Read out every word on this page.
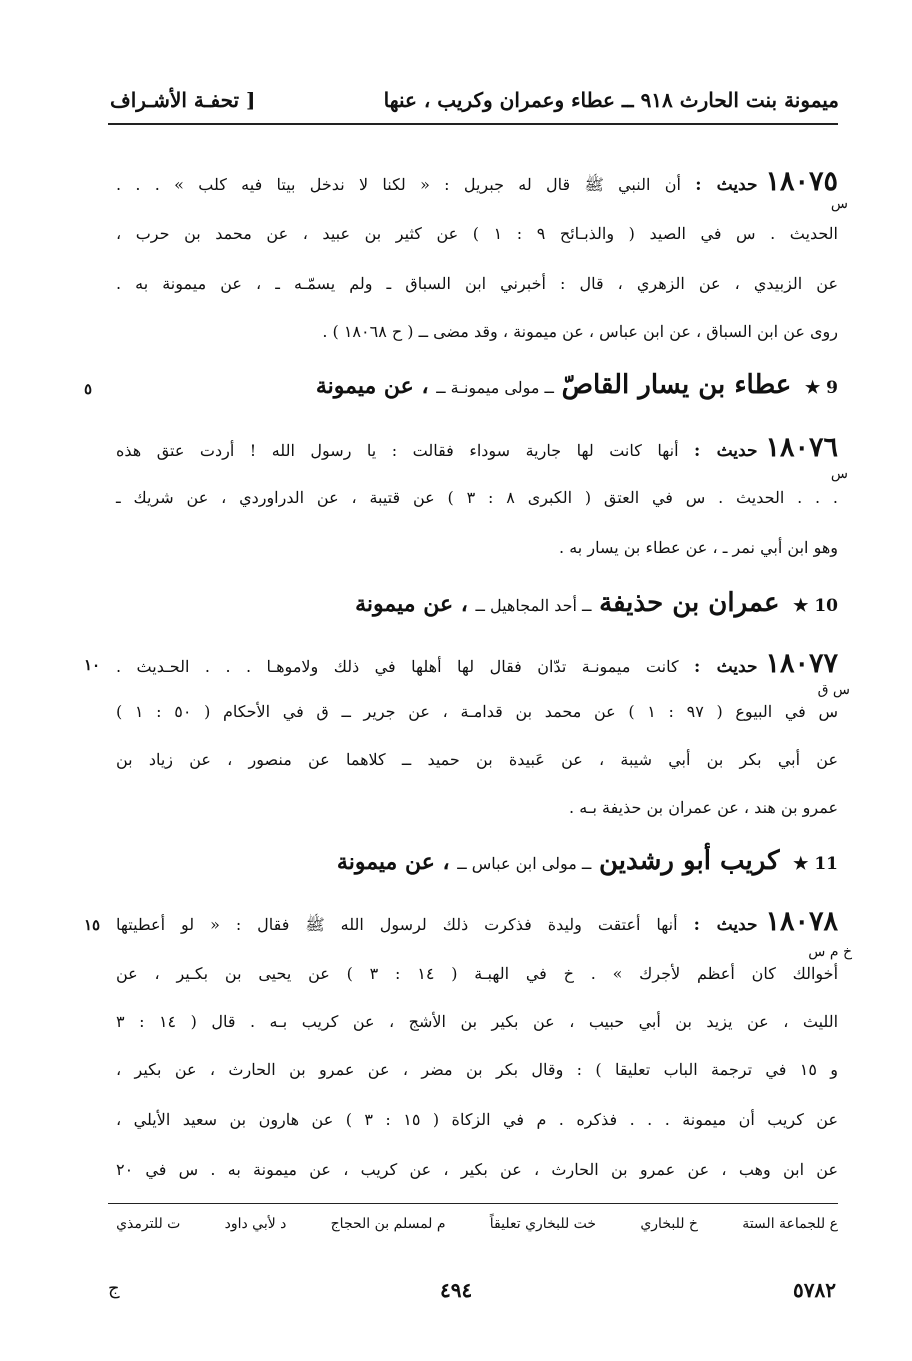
ميمونة بنت الحارث ٩١٨ ــ عطاء وعمران وكريب ، عنها
[ تحفـة الأشـراف
١٨٠٧٥حديث : أن النبي ﷺ قال له جبريل : « لكنا لا ندخل بيتا فيه كلب » . . .
س
الحديث . س في الصيد ( والذبـائح ٩ : ١ ) عن كثير بن عبيد ، عن محمد بن حرب ،
عن الزبيدي ، عن الزهري ، قال : أخبرني ابن السباق ـ ولم يسمّـه ـ ، عن ميمونة به .
روى عن ابن السباق ، عن ابن عباس ، عن ميمونة ، وقد مضى ــ ( ح ١٨٠٦٨ ) .
9 ★ عطاء بن يسار القاصّ ــ مولى ميمونـة ــ ، عن ميمونة
٥
١٨٠٧٦حديث : أنها كانت لها جارية سوداء فقالت : يا رسول الله ! أردت عتق هذه
س
. . . الحديث . س في العتق ( الكبرى ٨ : ٣ ) عن قتيبة ، عن الدراوردي ، عن شريك ـ
وهو ابن أبي نمر ـ ، عن عطاء بن يسار به .
10 ★ عمران بن حذيفة ــ أحد المجاهيل ــ ، عن ميمونة
١٨٠٧٧حديث : كانت ميمونـة تدّان فقال لها أهلها في ذلك ولاموهـا . . . الحـديث .
١٠
س ق
س في البيوع ( ٩٧ : ١ ) عن محمد بن قدامـة ، عن جرير ــ ق في الأحكام ( ٥٠ : ١ )
عن أبي بكر بن أبي شيبة ، عن عَبيدة بن حميد ــ كلاهما عن منصور ، عن زياد بن
عمرو بن هند ، عن عمران بن حذيفة بـه .
11 ★ كريب أبو رشدين ــ مولى ابن عباس ــ ، عن ميمونة
١٨٠٧٨حديث : أنها أعتقت وليدة فذكرت ذلك لرسول الله ﷺ فقال : « لو أعطيتها
١٥
خ م س
أخوالك كان أعظم لأجرك » . خ في الهبـة ( ١٤ : ٣ ) عن يحيى بن بكـير ، عن
الليث ، عن يزيد بن أبي حبيب ، عن بكير بن الأشج ، عن كريب بـه . قال ( ١٤ : ٣
و ١٥ في ترجمة الباب تعليقا ) : وقال بكر بن مضر ، عن عمرو بن الحارث ، عن بكير ،
عن كريب أن ميمونة . . . فذكره . م في الزكاة ( ١٥ : ٣ ) عن هارون بن سعيد الأيلي ،
عن ابن وهب ، عن عمرو بن الحارث ، عن بكير ، عن كريب ، عن ميمونة به . س في ٢٠
ع للجماعة الستة
خ للبخاري
خت للبخاري تعليقاً
م لمسلم بن الحجاج
د لأبي داود
ت للترمذي
٥٧٨٢
٤٩٤
ج
